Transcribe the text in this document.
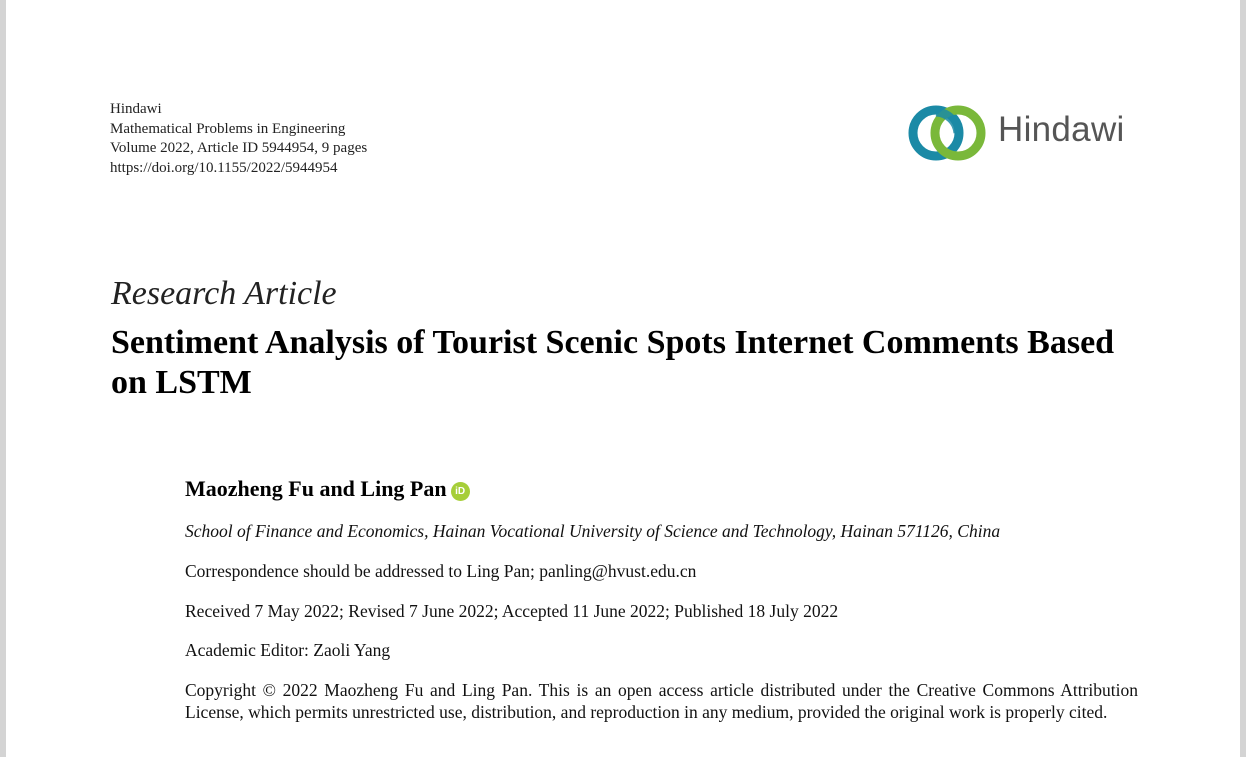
Hindawi
Mathematical Problems in Engineering
Volume 2022, Article ID 5944954, 9 pages
https://doi.org/10.1155/2022/5944954
Hindawi
Research Article
Sentiment Analysis of Tourist Scenic Spots Internet Comments Based on LSTM
Maozheng Fu and Ling Pan iD
School of Finance and Economics, Hainan Vocational University of Science and Technology, Hainan 571126, China
Correspondence should be addressed to Ling Pan; panling@hvust.edu.cn
Received 7 May 2022; Revised 7 June 2022; Accepted 11 June 2022; Published 18 July 2022
Academic Editor: Zaoli Yang
Copyright © 2022 Maozheng Fu and Ling Pan. This is an open access article distributed under the Creative Commons Attribution License, which permits unrestricted use, distribution, and reproduction in any medium, provided the original work is properly cited.
